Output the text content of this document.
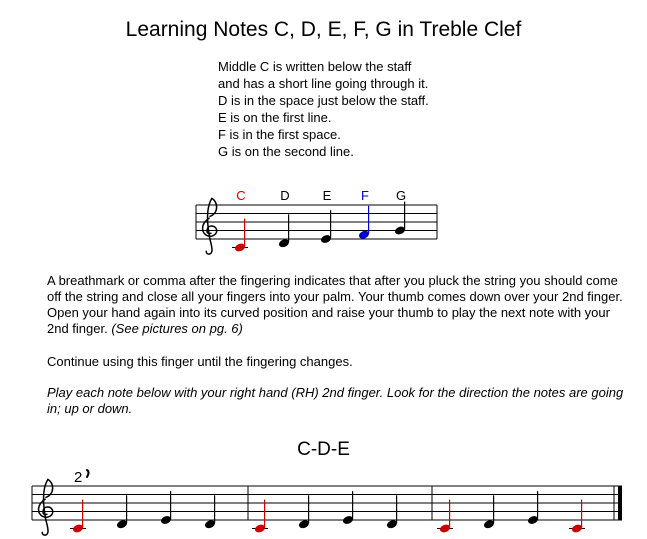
Learning Notes C, D, E, F, G in Treble Clef
Middle C is written below the staff
and has a short line going through it.
D is in the space just below the staff.
E is on the first line.
F is in the first space.
G is on the second line.
C	D	E F G

A breathmark or comma after the fingering indicates that after you pluck the string you should come off the string and close all your fingers into your palm. Your thumb comes down over your 2nd finger. Open your hand again into its curved position and raise your thumb to play the next note with your 2nd finger. (See pictures on pg. 6)

Continue using this finger until the fingering changes.

Play each note below with your right hand (RH) 2nd finger. Look for the direction the notes are going in; up or down.

C-D-E
2
